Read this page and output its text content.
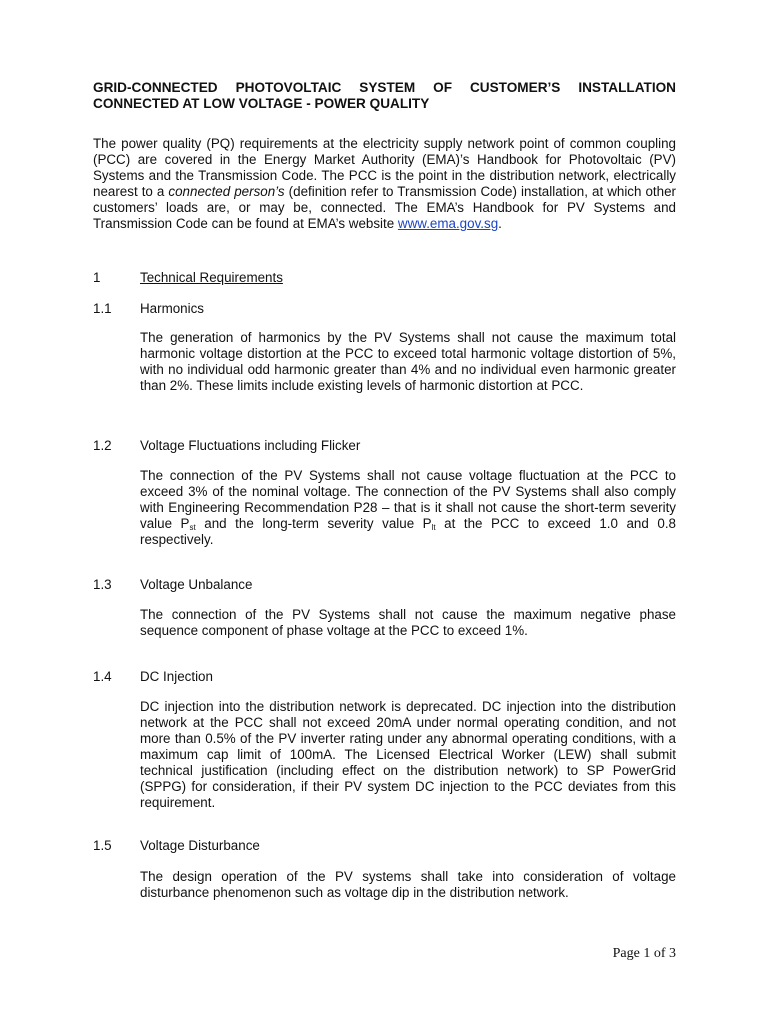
GRID-CONNECTED PHOTOVOLTAIC SYSTEM OF CUSTOMER’S INSTALLATION CONNECTED AT LOW VOLTAGE - POWER QUALITY

The power quality (PQ) requirements at the electricity supply network point of common coupling (PCC) are covered in the Energy Market Authority (EMA)’s Handbook for Photovoltaic (PV) Systems and the Transmission Code. The PCC is the point in the distribution network, electrically nearest to a connected person’s (definition refer to Transmission Code) installation, at which other customers’ loads are, or may be, connected. The EMA’s Handbook for PV Systems and Transmission Code can be found at EMA’s website www.ema.gov.sg.

1	Technical Requirements
1.1 Harmonics

The generation of harmonics by the PV Systems shall not cause the maximum total harmonic voltage distortion at the PCC to exceed total harmonic voltage distortion of 5%, with no individual odd harmonic greater than 4% and no individual even harmonic greater than 2%. These limits include existing levels of harmonic distortion at PCC.

1.2 Voltage Fluctuations including Flicker

The connection of the PV Systems shall not cause voltage fluctuation at the PCC to exceed 3% of the nominal voltage. The connection of the PV Systems shall also comply with Engineering Recommendation P28 – that is it shall not cause the short-term severity value $P_{st}$ and the long-term severity value $P_{lt}$ at the PCC to exceed 1.0 and 0.8 respectively.

1.3 Voltage Unbalance

The connection of the PV Systems shall not cause the maximum negative phase sequence component of phase voltage at the PCC to exceed 1%.

1.4 DC Injection

DC injection into the distribution network is deprecated. DC injection into the distribution network at the PCC shall not exceed 20mA under normal operating condition, and not more than 0.5% of the PV inverter rating under any abnormal operating conditions, with a maximum cap limit of 100mA. The Licensed Electrical Worker (LEW) shall submit technical justification (including effect on the distribution network) to SP PowerGrid (SPPG) for consideration, if their PV system DC injection to the PCC deviates from this requirement.

1.5 Voltage Disturbance

The design operation of the PV systems shall take into consideration of voltage disturbance phenomenon such as voltage dip in the distribution network.

Page 1 of 3
